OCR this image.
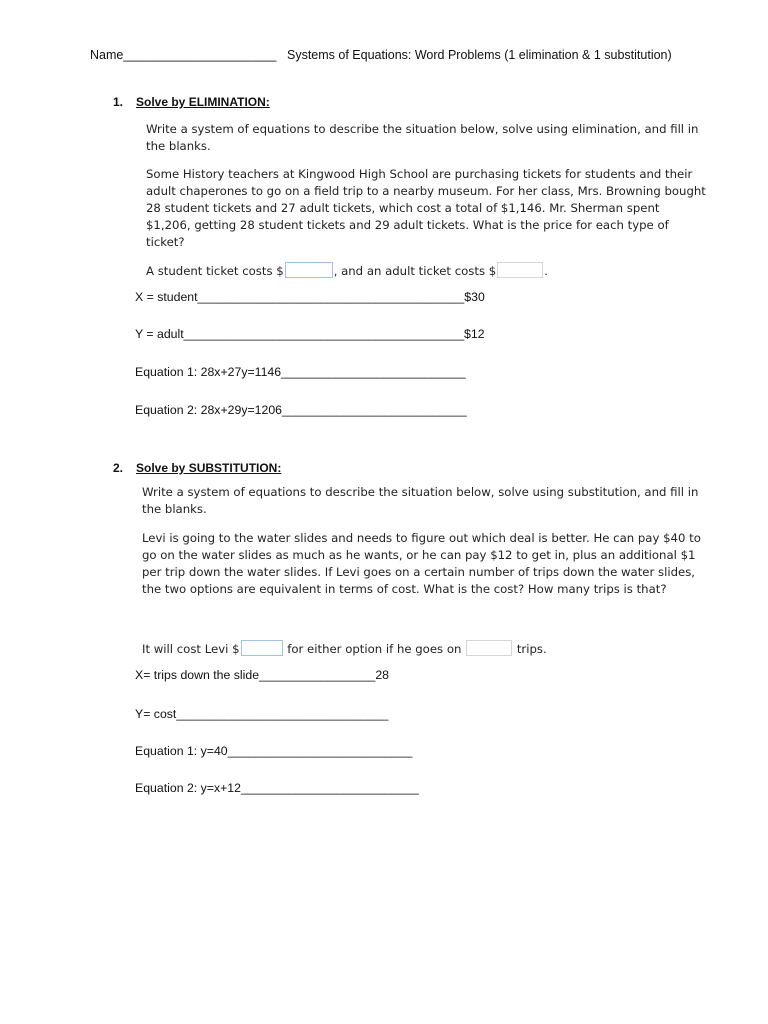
Name______________________ Systems of Equations: Word Problems (1 elimination & 1 substitution)
1. Solve by ELIMINATION:
Write a system of equations to describe the situation below, solve using elimination, and fill in the blanks.
Some History teachers at Kingwood High School are purchasing tickets for students and their adult chaperones to go on a field trip to a nearby museum. For her class, Mrs. Browning bought 28 student tickets and 27 adult tickets, which cost a total of $1,146. Mr. Sherman spent $1,206, getting 28 student tickets and 29 adult tickets. What is the price for each type of ticket?
A student ticket costs $	, and an adult ticket costs $	.
X = student_______________________________________$30
Y = adult_________________________________________$12
Equation 1: 28x+27y=1146___________________________
Equation 2: 28x+29y=1206___________________________
2. Solve by SUBSTITUTION:
Write a system of equations to describe the situation below, solve using substitution, and fill in the blanks.
Levi is going to the water slides and needs to figure out which deal is better. He can pay $40 to go on the water slides as much as he wants, or he can pay $12 to get in, plus an additional $1 per trip down the water slides. If Levi goes on a certain number of trips down the water slides, the two options are equivalent in terms of cost. What is the cost? How many trips is that?
It will cost Levi $	for either option if he goes on	trips.
X= trips down the slide_________________28
Y= cost_______________________________
Equation 1: y=40___________________________
Equation 2: y=x+12__________________________
